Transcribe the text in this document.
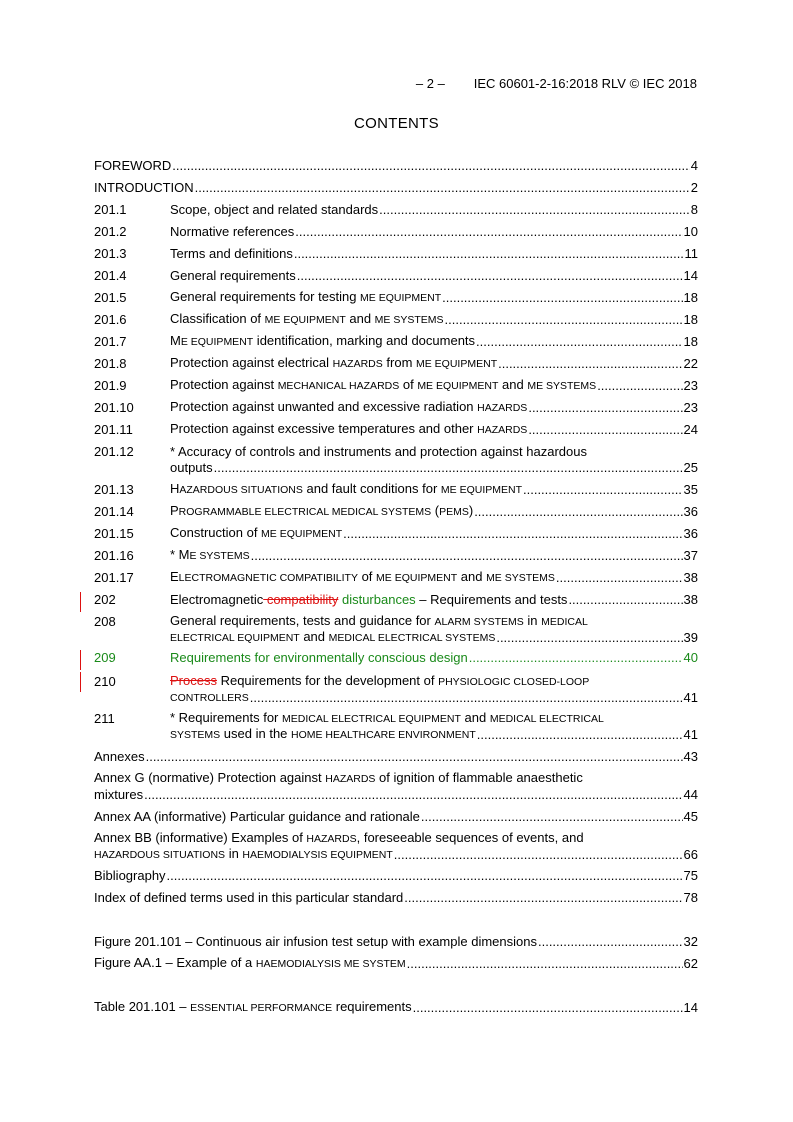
– 2 – IEC 60601-2-16:2018 RLV © IEC 2018
CONTENTS
FOREWORD .....	4
INTRODUCTION .....	2
201.1	Scope, object and related standards .....	8
201.2	Normative references .....	10
201.3	Terms and definitions .....	11
201.4	General requirements .....	14
201.5	General requirements for testing ME EQUIPMENT .....	18
201.6	Classification of ME EQUIPMENT and ME SYSTEMS .....	18
201.7	ME EQUIPMENT identification, marking and documents .....	18
201.8	Protection against electrical HAZARDS from ME EQUIPMENT .....	22
201.9	Protection against MECHANICAL HAZARDS of ME EQUIPMENT and ME SYSTEMS .....	23
201.10	Protection against unwanted and excessive radiation HAZARDS .....	23
201.11	Protection against excessive temperatures and other HAZARDS .....	24
201.12	* Accuracy of controls and instruments and protection against hazardous
outputs .....	25
201.13	HAZARDOUS SITUATIONS and fault conditions for ME EQUIPMENT .....	35
201.14	PROGRAMMABLE ELECTRICAL MEDICAL SYSTEMS (PEMS) .....	36
201.15	Construction of ME EQUIPMENT .....	36
201.16	* ME SYSTEMS .....	37
201.17	ELECTROMAGNETIC COMPATIBILITY of ME EQUIPMENT and ME SYSTEMS .....	38
202	Electromagnetic compatibility disturbances – Requirements and tests .....	38
208	General requirements, tests and guidance for ALARM SYSTEMS in MEDICAL
ELECTRICAL EQUIPMENT and MEDICAL ELECTRICAL SYSTEMS .....	39
209	Requirements for environmentally conscious design .....	40
210	Process Requirements for the development of PHYSIOLOGIC CLOSED-LOOP
CONTROLLERS .....	41
211	* Requirements for MEDICAL ELECTRICAL EQUIPMENT and MEDICAL ELECTRICAL
SYSTEMS used in the HOME HEALTHCARE ENVIRONMENT .....	41
Annexes .....	43
Annex G (normative) Protection against HAZARDS of ignition of flammable anaesthetic
mixtures .....	44
Annex AA (informative) Particular guidance and rationale .....	45
Annex BB (informative) Examples of HAZARDS, foreseeable sequences of events, and
HAZARDOUS SITUATIONS in HAEMODIALYSIS EQUIPMENT .....	66
Bibliography .....	75
Index of defined terms used in this particular standard .....	78
Figure 201.101 – Continuous air infusion test setup with example dimensions .....	32
Figure AA.1 – Example of a HAEMODIALYSIS ME SYSTEM .....	62
Table 201.101 – ESSENTIAL PERFORMANCE requirements .....	14
